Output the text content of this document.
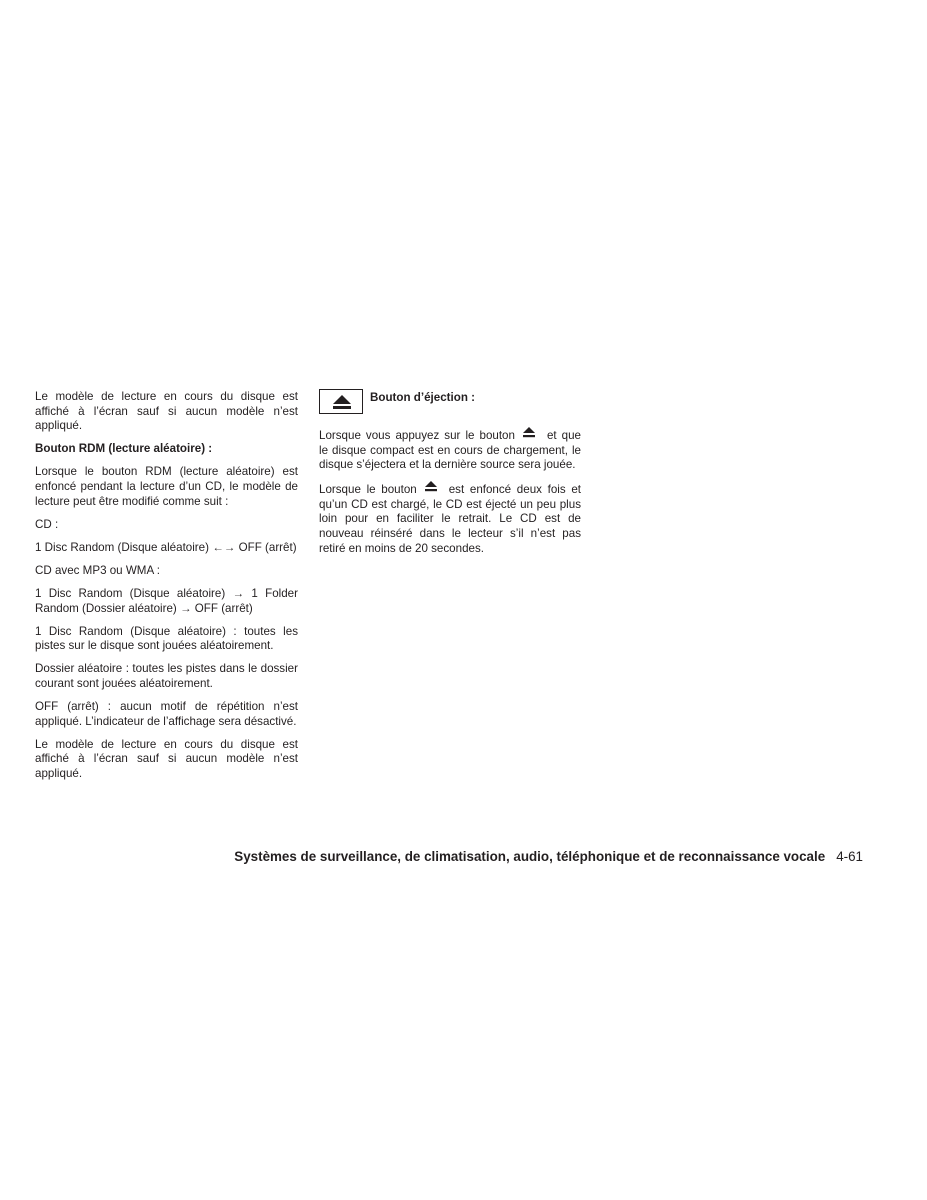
Le modèle de lecture en cours du disque est affiché à l’écran sauf si aucun modèle n’est appliqué.

Bouton RDM (lecture aléatoire) :

Lorsque le bouton RDM (lecture aléatoire) est enfoncé pendant la lecture d’un CD, le modèle de lecture peut être modifié comme suit :

CD :

1 Disc Random (Disque aléatoire) ←→ OFF (arrêt)

CD avec MP3 ou WMA :

1 Disc Random (Disque aléatoire) → 1 Folder Random (Dossier aléatoire) → OFF (arrêt)

1 Disc Random (Disque aléatoire) : toutes les pistes sur le disque sont jouées aléatoirement.

Dossier aléatoire : toutes les pistes dans le dossier courant sont jouées aléatoirement.

OFF (arrêt) : aucun motif de répétition n’est appliqué. L’indicateur de l’affichage sera désactivé.

Le modèle de lecture en cours du disque est affiché à l’écran sauf si aucun modèle n’est appliqué.

Bouton d’éjection :

Lorsque vous appuyez sur le bouton	et que le disque compact est en cours de chargement, le disque s’éjectera et la dernière source sera jouée.

Lorsque le bouton	est enfoncé deux fois et qu’un CD est chargé, le CD est éjecté un peu plus loin pour en faciliter le retrait. Le CD est de nouveau réinséré dans le lecteur s’il n’est pas retiré en moins de 20 secondes.

Systèmes de surveillance, de climatisation, audio, téléphonique et de reconnaissance vocale 4-61
